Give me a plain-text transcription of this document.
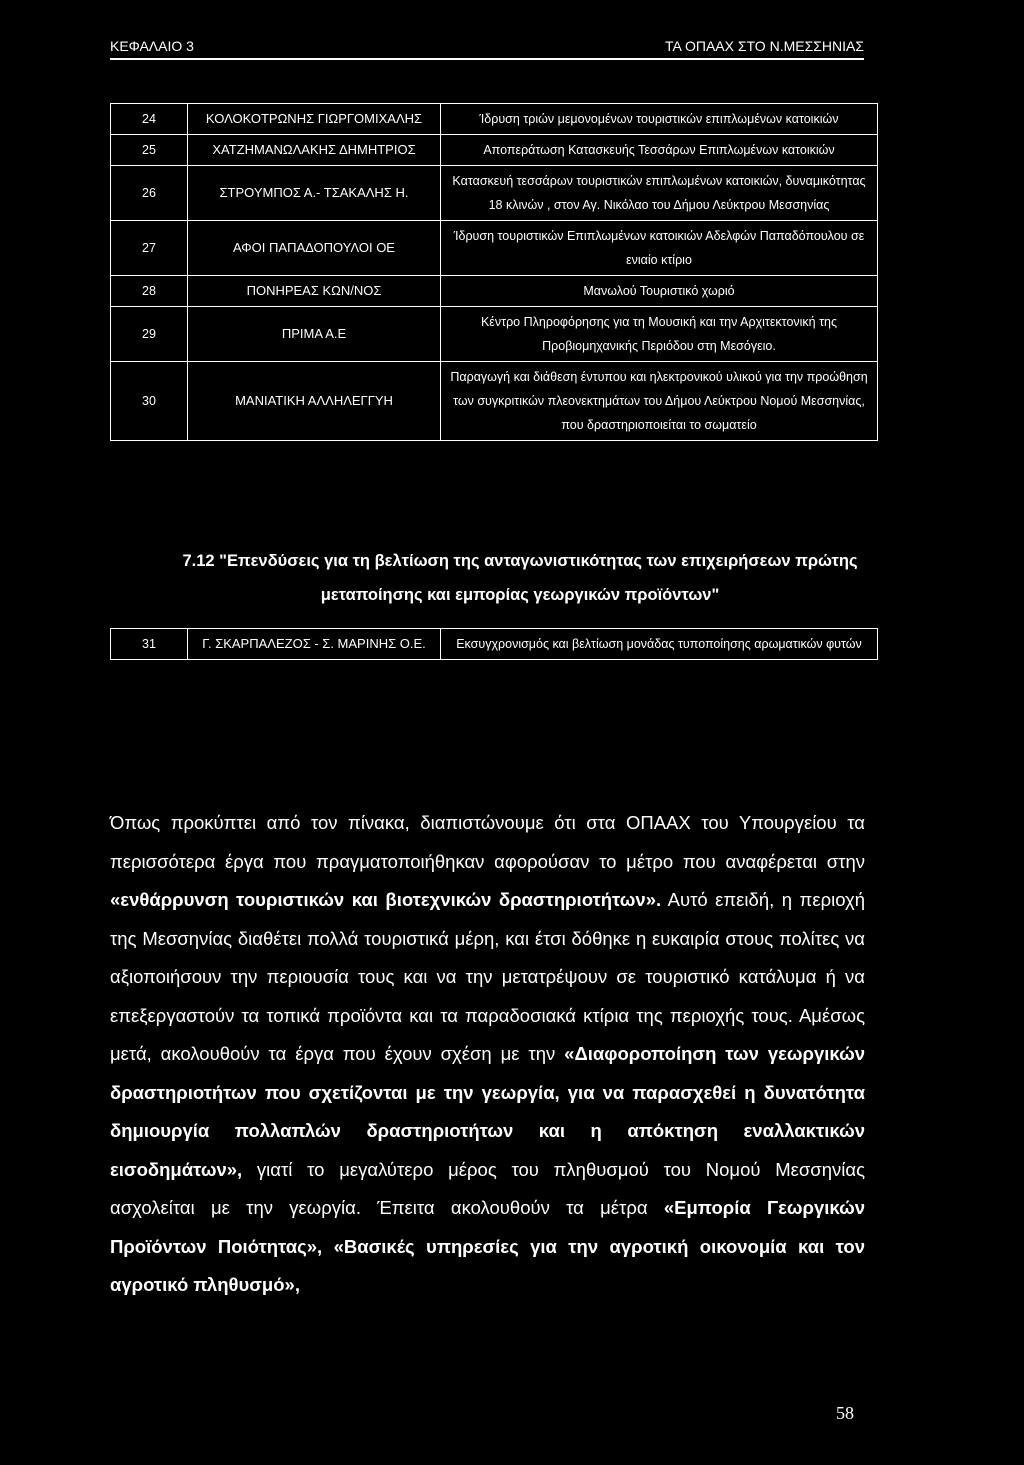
ΚΕΦΑΛΑΙΟ 3	ΤΑ ΟΠΑΑΧ ΣΤΟ Ν.ΜΕΣΣΗΝΙΑΣ
24	ΚΟΛΟΚΟΤΡΩΝΗΣ ΓΙΩΡΓΟΜΙΧΑΛΗΣ	Ίδρυση τριών μεμονομένων τουριστικών επιπλωμένων κατοικιών
25	ΧΑΤΖΗΜΑΝΩΛΑΚΗΣ ΔΗΜΗΤΡΙΟΣ	Αποπεράτωση Κατασκευής Τεσσάρων Επιπλωμένων κατοικιών
26	ΣΤΡΟΥΜΠΟΣ Α.- ΤΣΑΚΑΛΗΣ Η.	Κατασκευή τεσσάρων τουριστικών επιπλωμένων κατοικιών, δυναμικότητας 18 κλινών , στον Αγ. Νικόλαο του Δήμου Λεύκτρου Μεσσηνίας
27	ΑΦΟΙ ΠΑΠΑΔΟΠΟΥΛΟΙ ΟΕ	Ίδρυση τουριστικών Επιπλωμένων κατοικιών Αδελφών Παπαδόπουλου σε ενιαίο κτίριο
28	ΠΟΝΗΡΕΑΣ ΚΩΝ/ΝΟΣ	Μανωλού Τουριστικό χωριό
29	ΠΡΙΜΑ Α.Ε	Κέντρο Πληροφόρησης για τη Μουσική και την Αρχιτεκτονική της Προβιομηχανικής Περιόδου στη Μεσόγειο.
30	ΜΑΝΙΑΤΙΚΗ ΑΛΛΗΛΕΓΓΥΗ	Παραγωγή και διάθεση έντυπου και ηλεκτρονικού υλικού για την προώθηση των συγκριτικών πλεονεκτημάτων του Δήμου Λεύκτρου Νομού Μεσσηνίας, που δραστηριοποιείται το σωματείο
7.12 "Επενδύσεις για τη βελτίωση της ανταγωνιστικότητας των επιχειρήσεων πρώτης μεταποίησης και εμπορίας γεωργικών προϊόντων"
31	Γ. ΣΚΑΡΠΑΛΕΖΟΣ - Σ. ΜΑΡΙΝΗΣ Ο.Ε.	Εκσυγχρονισμός και βελτίωση μονάδας τυποποίησης αρωματικών φυτών
Όπως προκύπτει από τον πίνακα, διαπιστώνουμε ότι στα ΟΠΑΑΧ του Υπουργείου τα περισσότερα έργα που πραγματοποιήθηκαν αφορούσαν το μέτρο που αναφέρεται στην «ενθάρρυνση τουριστικών και βιοτεχνικών δραστηριοτήτων». Αυτό επειδή, η περιοχή της Μεσσηνίας διαθέτει πολλά τουριστικά μέρη, και έτσι δόθηκε η ευκαιρία στους πολίτες να αξιοποιήσουν την περιουσία τους και να την μετατρέψουν σε τουριστικό κατάλυμα ή να επεξεργαστούν τα τοπικά προϊόντα και τα παραδοσιακά κτίρια της περιοχής τους. Αμέσως μετά, ακολουθούν τα έργα που έχουν σχέση με την «Διαφοροποίηση των γεωργικών δραστηριοτήτων που σχετίζονται με την γεωργία, για να παρασχεθεί η δυνατότητα δημιουργία πολλαπλών δραστηριοτήτων και η απόκτηση εναλλακτικών εισοδημάτων», γιατί το μεγαλύτερο μέρος του πληθυσμού του Νομού Μεσσηνίας ασχολείται με την γεωργία. Έπειτα ακολουθούν τα μέτρα «Εμπορία Γεωργικών Προϊόντων Ποιότητας», «Βασικές υπηρεσίες για την αγροτική οικονομία και τον αγροτικό πληθυσμό»,
58
